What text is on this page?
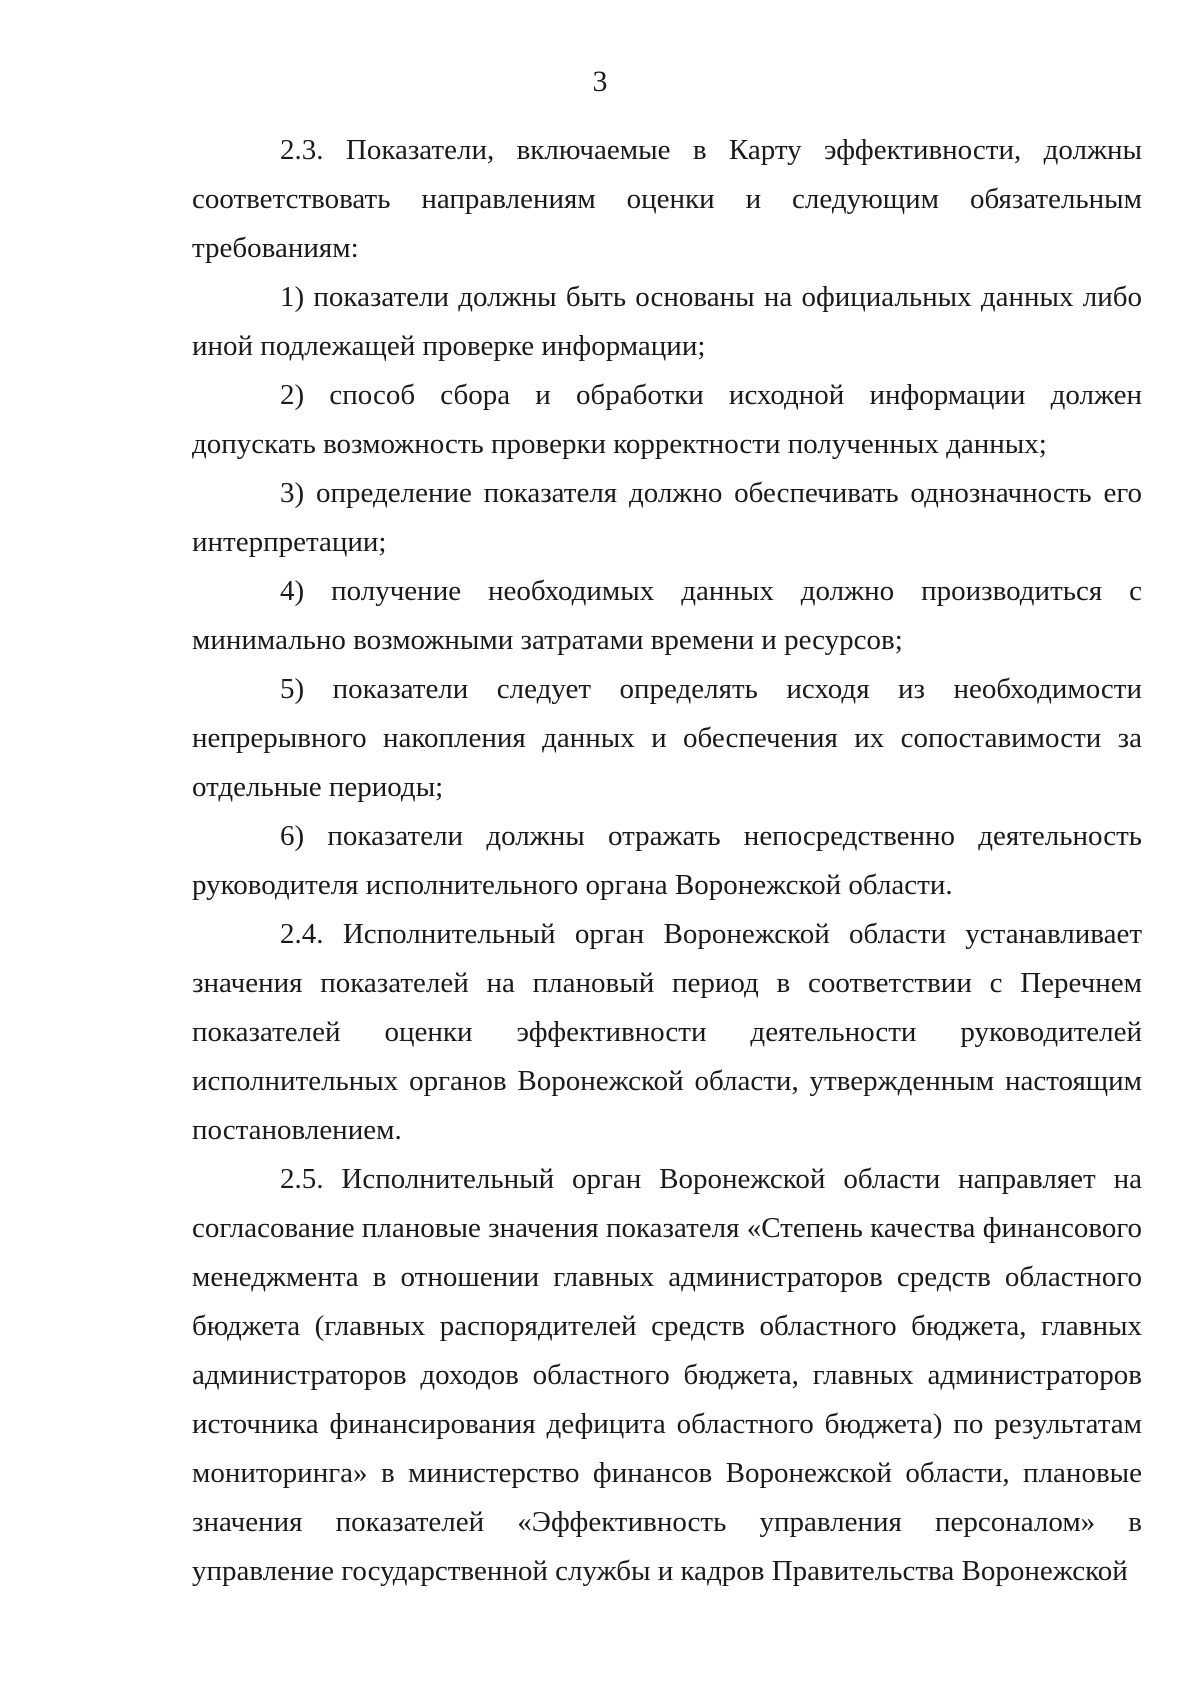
3

2.3. Показатели, включаемые в Карту эффективности, должны соответствовать направлениям оценки и следующим обязательным требованиям:

1) показатели должны быть основаны на официальных данных либо иной подлежащей проверке информации;

2) способ сбора и обработки исходной информации должен допускать возможность проверки корректности полученных данных;

3) определение показателя должно обеспечивать однозначность его интерпретации;

4) получение необходимых данных должно производиться с минимально возможными затратами времени и ресурсов;

5) показатели следует определять исходя из необходимости непрерывного накопления данных и обеспечения их сопоставимости за отдельные периоды;

6) показатели должны отражать непосредственно деятельность руководителя исполнительного органа Воронежской области.

2.4. Исполнительный орган Воронежской области устанавливает значения показателей на плановый период в соответствии с Перечнем показателей оценки эффективности деятельности руководителей исполнительных органов Воронежской области, утвержденным настоящим постановлением.

2.5. Исполнительный орган Воронежской области направляет на согласование плановые значения показателя «Степень качества финансового менеджмента в отношении главных администраторов средств областного бюджета (главных распорядителей средств областного бюджета, главных администраторов доходов областного бюджета, главных администраторов источника финансирования дефицита областного бюджета) по результатам мониторинга» в министерство финансов Воронежской области, плановые значения показателей «Эффективность управления персоналом» в управление государственной службы и кадров Правительства Воронежской
